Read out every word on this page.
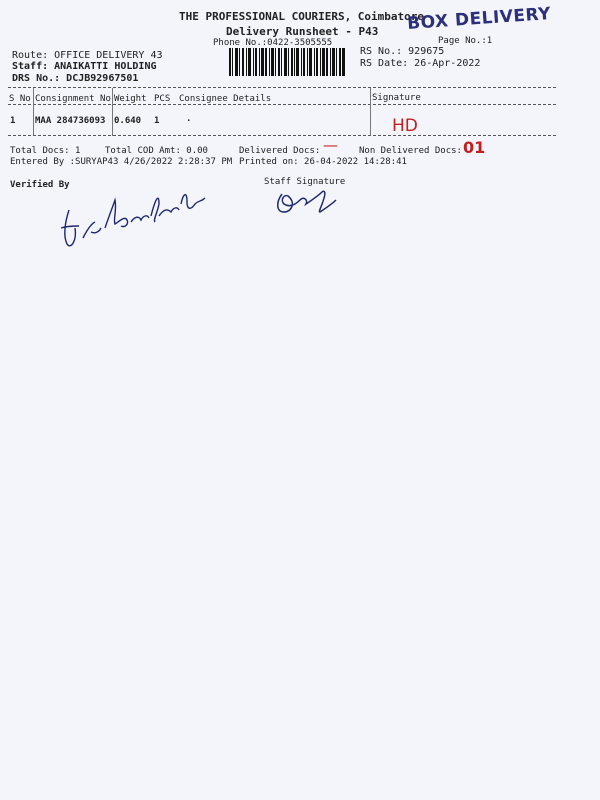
THE PROFESSIONAL COURIERS, Coimbatore
Delivery Runsheet - P43
Phone No.:0422-3505555
BOX DELIVERY
Page No.:1
Route: OFFICE DELIVERY 43
Staff: ANAIKATTI HOLDING
DRS No.: DCJB92967501
RS No.: 929675
RS Date: 26-Apr-2022
S No Consignment No Weight PCS Consignee Details	Signature
1 MAA 284736093 0.640 1	.	HD
Total Docs: 1	Total COD Amt: 0.00
Entered By :SURYAP43 4/26/2022 2:28:37 PM
Delivered Docs: — Non Delivered Docs: 01
Printed on: 26-04-2022 14:28:41
Verified By	Staff Signature
